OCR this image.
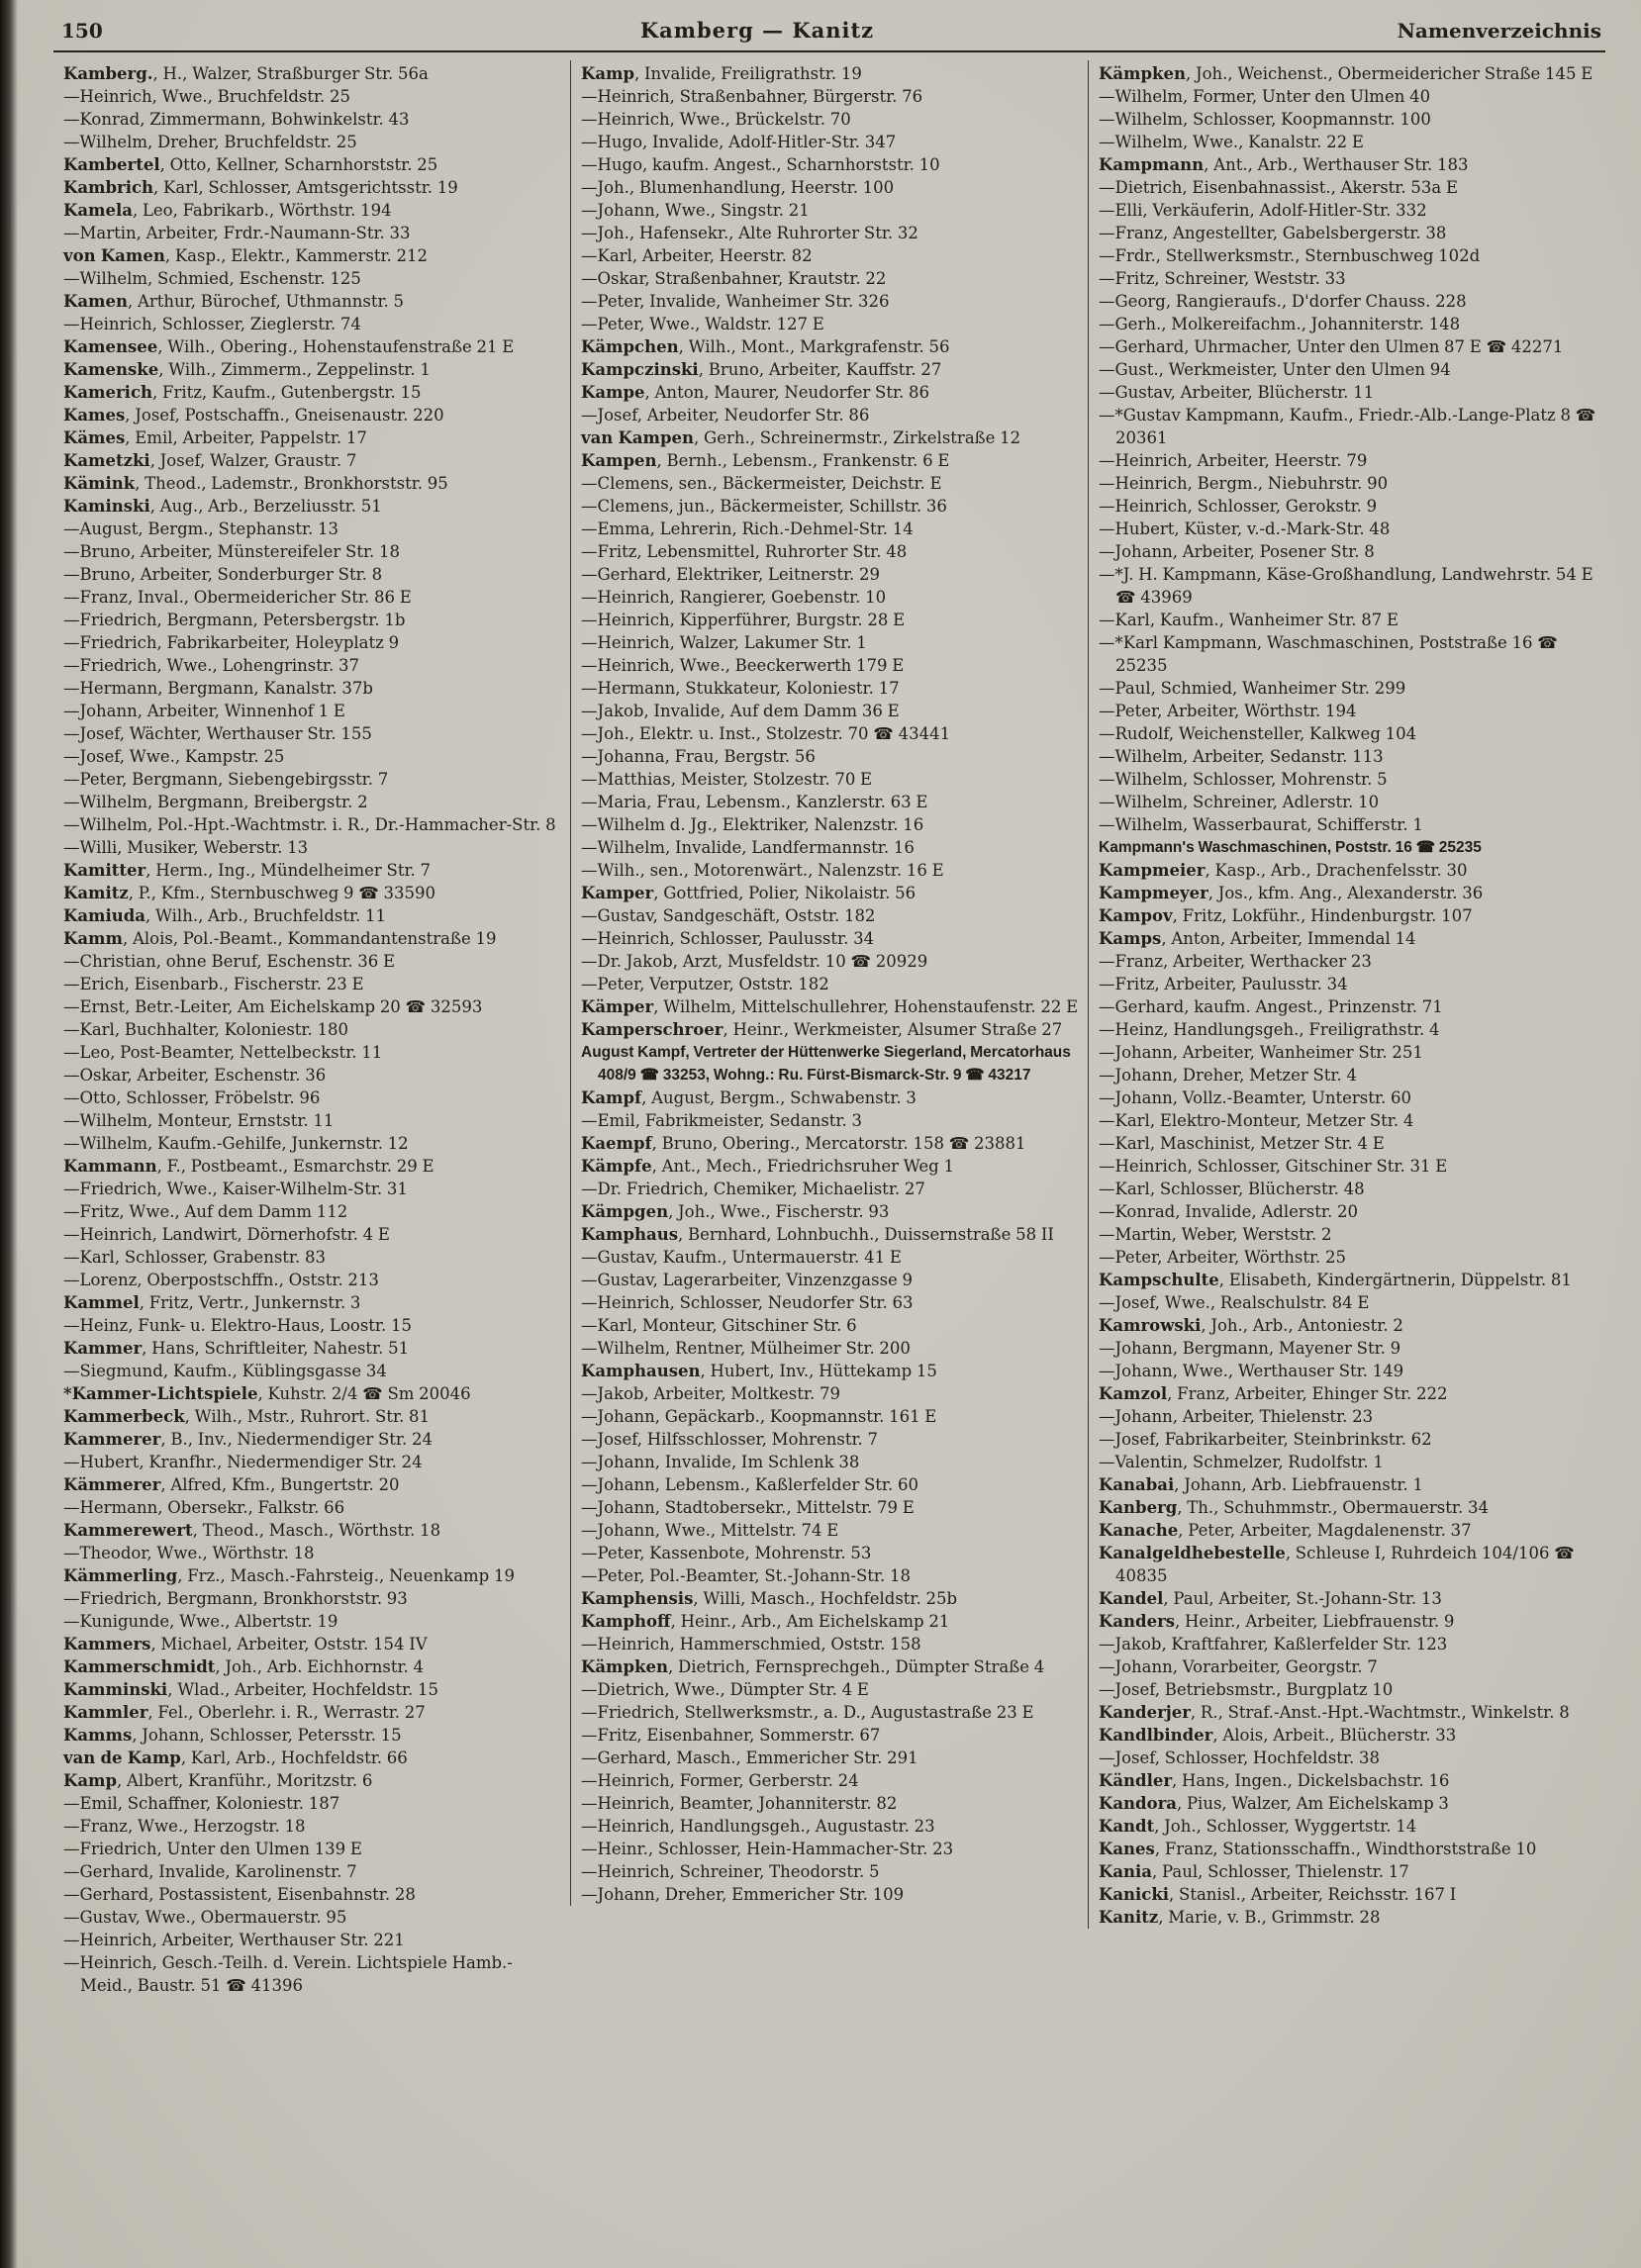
150	Kamberg — Kanitz	Namenverzeichnis
Kamberg., H., Walzer, Straßburger Str. 56a
—Heinrich, Wwe., Bruchfeldstr. 25
—Konrad, Zimmermann, Bohwinkelstr. 43
—Wilhelm, Dreher, Bruchfeldstr. 25
Kambertel, Otto, Kellner, Scharnhorststr. 25
Kambrich, Karl, Schlosser, Amtsgerichtsstr. 19
Kamela, Leo, Fabrikarb., Wörthstr. 194
—Martin, Arbeiter, Frdr.-Naumann-Str. 33
von Kamen, Kasp., Elektr., Kammerstr. 212
—Wilhelm, Schmied, Eschenstr. 125
Kamen, Arthur, Bürochef, Uthmannstr. 5
—Heinrich, Schlosser, Zieglerstr. 74
Kamensee, Wilh., Obering., Hohenstaufenstraße 21 E
Kamenske, Wilh., Zimmerm., Zeppelinstr. 1
Kamerich, Fritz, Kaufm., Gutenbergstr. 15
Kames, Josef, Postschaffn., Gneisenaustr. 220
Kämes, Emil, Arbeiter, Pappelstr. 17
Kametzki, Josef, Walzer, Graustr. 7
Kämink, Theod., Lademstr., Bronkhorststr. 95
Kaminski, Aug., Arb., Berzeliusstr. 51
—August, Bergm., Stephanstr. 13
—Bruno, Arbeiter, Münstereifeler Str. 18
—Bruno, Arbeiter, Sonderburger Str. 8
—Franz, Inval., Obermeidericher Str. 86 E
—Friedrich, Bergmann, Petersbergstr. 1b
—Friedrich, Fabrikarbeiter, Holeyplatz 9
—Friedrich, Wwe., Lohengrinstr. 37
—Hermann, Bergmann, Kanalstr. 37b
—Johann, Arbeiter, Winnenhof 1 E
—Josef, Wächter, Werthauser Str. 155
—Josef, Wwe., Kampstr. 25
—Peter, Bergmann, Siebengebirgsstr. 7
—Wilhelm, Bergmann, Breibergstr. 2
—Wilhelm, Pol.-Hpt.-Wachtmstr. i. R., Dr.-Hammacher-Str. 8
—Willi, Musiker, Weberstr. 13
Kamitter, Herm., Ing., Mündelheimer Str. 7
Kamitz, P., Kfm., Sternbuschweg 9 ☎ 33590
Kamiuda, Wilh., Arb., Bruchfeldstr. 11
Kamm, Alois, Pol.-Beamt., Kommandantenstraße 19
—Christian, ohne Beruf, Eschenstr. 36 E
—Erich, Eisenbarb., Fischerstr. 23 E
—Ernst, Betr.-Leiter, Am Eichelskamp 20 ☎ 32593
—Karl, Buchhalter, Koloniestr. 180
—Leo, Post-Beamter, Nettelbeckstr. 11
—Oskar, Arbeiter, Eschenstr. 36
—Otto, Schlosser, Fröbelstr. 96
—Wilhelm, Monteur, Ernststr. 11
—Wilhelm, Kaufm.-Gehilfe, Junkernstr. 12
Kammann, F., Postbeamt., Esmarchstr. 29 E
—Friedrich, Wwe., Kaiser-Wilhelm-Str. 31
—Fritz, Wwe., Auf dem Damm 112
—Heinrich, Landwirt, Dörnerhofstr. 4 E
—Karl, Schlosser, Grabenstr. 83
—Lorenz, Oberpostschffn., Oststr. 213
Kammel, Fritz, Vertr., Junkernstr. 3
—Heinz, Funk- u. Elektro-Haus, Loostr. 15
Kammer, Hans, Schriftleiter, Nahestr. 51
—Siegmund, Kaufm., Küblingsgasse 34
*Kammer-Lichtspiele, Kuhstr. 2/4 ☎ Sm 20046
Kammerbeck, Wilh., Mstr., Ruhrort. Str. 81
Kammerer, B., Inv., Niedermendiger Str. 24
—Hubert, Kranfhr., Niedermendiger Str. 24
Kämmerer, Alfred, Kfm., Bungertstr. 20
—Hermann, Obersekr., Falkstr. 66
Kammerewert, Theod., Masch., Wörthstr. 18
—Theodor, Wwe., Wörthstr. 18
Kämmerling, Frz., Masch.-Fahrsteig., Neuenkamp 19
—Friedrich, Bergmann, Bronkhorststr. 93
—Kunigunde, Wwe., Albertstr. 19
Kammers, Michael, Arbeiter, Oststr. 154 IV
Kammerschmidt, Joh., Arb. Eichhornstr. 4
Kamminski, Wlad., Arbeiter, Hochfeldstr. 15
Kammler, Fel., Oberlehr. i. R., Werrastr. 27
Kamms, Johann, Schlosser, Petersstr. 15
van de Kamp, Karl, Arb., Hochfeldstr. 66
Kamp, Albert, Kranführ., Moritzstr. 6
—Emil, Schaffner, Koloniestr. 187
—Franz, Wwe., Herzogstr. 18
—Friedrich, Unter den Ulmen 139 E
—Gerhard, Invalide, Karolinenstr. 7
—Gerhard, Postassistent, Eisenbahnstr. 28
—Gustav, Wwe., Obermauerstr. 95
—Heinrich, Arbeiter, Werthauser Str. 221
—Heinrich, Gesch.-Teilh. d. Verein. Lichtspiele Hamb.-Meid., Baustr. 51 ☎ 41396
Kamp, Invalide, Freiligrathstr. 19
—Heinrich, Straßenbahner, Bürgerstr. 76
—Heinrich, Wwe., Brückelstr. 70
—Hugo, Invalide, Adolf-Hitler-Str. 347
—Hugo, kaufm. Angest., Scharnhorststr. 10
—Joh., Blumenhandlung, Heerstr. 100
—Johann, Wwe., Singstr. 21
—Joh., Hafensekr., Alte Ruhrorter Str. 32
—Karl, Arbeiter, Heerstr. 82
—Oskar, Straßenbahner, Krautstr. 22
—Peter, Invalide, Wanheimer Str. 326
—Peter, Wwe., Waldstr. 127 E
Kämpchen, Wilh., Mont., Markgrafenstr. 56
Kampczinski, Bruno, Arbeiter, Kauffstr. 27
Kampe, Anton, Maurer, Neudorfer Str. 86
—Josef, Arbeiter, Neudorfer Str. 86
van Kampen, Gerh., Schreinermstr., Zirkelstraße 12
Kampen, Bernh., Lebensm., Frankenstr. 6 E
—Clemens, sen., Bäckermeister, Deichstr. E
—Clemens, jun., Bäckermeister, Schillstr. 36
—Emma, Lehrerin, Rich.-Dehmel-Str. 14
—Fritz, Lebensmittel, Ruhrorter Str. 48
—Gerhard, Elektriker, Leitnerstr. 29
—Heinrich, Rangierer, Goebenstr. 10
—Heinrich, Kipperführer, Burgstr. 28 E
—Heinrich, Walzer, Lakumer Str. 1
—Heinrich, Wwe., Beeckerwerth 179 E
—Hermann, Stukkateur, Koloniestr. 17
—Jakob, Invalide, Auf dem Damm 36 E
—Joh., Elektr. u. Inst., Stolzestr. 70 ☎ 43441
—Johanna, Frau, Bergstr. 56
—Matthias, Meister, Stolzestr. 70 E
—Maria, Frau, Lebensm., Kanzlerstr. 63 E
—Wilhelm d. Jg., Elektriker, Nalenzstr. 16
—Wilhelm, Invalide, Landfermannstr. 16
—Wilh., sen., Motorenwärt., Nalenzstr. 16 E
Kamper, Gottfried, Polier, Nikolaistr. 56
—Gustav, Sandgeschäft, Oststr. 182
—Heinrich, Schlosser, Paulusstr. 34
—Dr. Jakob, Arzt, Musfeldstr. 10 ☎ 20929
—Peter, Verputzer, Oststr. 182
Kämper, Wilhelm, Mittelschullehrer, Hohenstaufenstr. 22 E
Kamperschroer, Heinr., Werkmeister, Alsumer Straße 27
August Kampf, Vertreter der Hüttenwerke Siegerland, Mercatorhaus 408/9 ☎ 33253, Wohng.: Ru. Fürst-Bismarck-Str. 9 ☎ 43217
Kampf, August, Bergm., Schwabenstr. 3
—Emil, Fabrikmeister, Sedanstr. 3
Kaempf, Bruno, Obering., Mercatorstr. 158 ☎ 23881
Kämpfe, Ant., Mech., Friedrichsruher Weg 1
—Dr. Friedrich, Chemiker, Michaelistr. 27
Kämpgen, Joh., Wwe., Fischerstr. 93
Kamphaus, Bernhard, Lohnbuchh., Duissernstraße 58 II
—Gustav, Kaufm., Untermauerstr. 41 E
—Gustav, Lagerarbeiter, Vinzenzgasse 9
—Heinrich, Schlosser, Neudorfer Str. 63
—Karl, Monteur, Gitschiner Str. 6
—Wilhelm, Rentner, Mülheimer Str. 200
Kamphausen, Hubert, Inv., Hüttekamp 15
—Jakob, Arbeiter, Moltkestr. 79
—Johann, Gepäckarb., Koopmannstr. 161 E
—Josef, Hilfsschlosser, Mohrenstr. 7
—Johann, Invalide, Im Schlenk 38
—Johann, Lebensm., Kaßlerfelder Str. 60
—Johann, Stadtobersekr., Mittelstr. 79 E
—Johann, Wwe., Mittelstr. 74 E
—Peter, Kassenbote, Mohrenstr. 53
—Peter, Pol.-Beamter, St.-Johann-Str. 18
Kamphensis, Willi, Masch., Hochfeldstr. 25b
Kamphoff, Heinr., Arb., Am Eichelskamp 21
—Heinrich, Hammerschmied, Oststr. 158
Kämpken, Dietrich, Fernsprechgeh., Dümpter Straße 4
—Dietrich, Wwe., Dümpter Str. 4 E
—Friedrich, Stellwerksmstr., a. D., Augustastraße 23 E
—Fritz, Eisenbahner, Sommerstr. 67
—Gerhard, Masch., Emmericher Str. 291
—Heinrich, Former, Gerberstr. 24
—Heinrich, Beamter, Johanniterstr. 82
—Heinrich, Handlungsgeh., Augustastr. 23
—Heinr., Schlosser, Hein-Hammacher-Str. 23
—Heinrich, Schreiner, Theodorstr. 5
—Johann, Dreher, Emmericher Str. 109
Kämpken, Joh., Weichenst., Obermeidericher Straße 145 E
—Wilhelm, Former, Unter den Ulmen 40
—Wilhelm, Schlosser, Koopmannstr. 100
—Wilhelm, Wwe., Kanalstr. 22 E
Kampmann, Ant., Arb., Werthauser Str. 183
—Dietrich, Eisenbahnassist., Akerstr. 53a E
—Elli, Verkäuferin, Adolf-Hitler-Str. 332
—Franz, Angestellter, Gabelsbergerstr. 38
—Frdr., Stellwerksmstr., Sternbuschweg 102d
—Fritz, Schreiner, Weststr. 33
—Georg, Rangieraufs., D'dorfer Chauss. 228
—Gerh., Molkereifachm., Johanniterstr. 148
—Gerhard, Uhrmacher, Unter den Ulmen 87 E ☎ 42271
—Gust., Werkmeister, Unter den Ulmen 94
—Gustav, Arbeiter, Blücherstr. 11
—*Gustav Kampmann, Kaufm., Friedr.-Alb.-Lange-Platz 8 ☎ 20361
—Heinrich, Arbeiter, Heerstr. 79
—Heinrich, Bergm., Niebuhrstr. 90
—Heinrich, Schlosser, Gerokstr. 9
—Hubert, Küster, v.-d.-Mark-Str. 48
—Johann, Arbeiter, Posener Str. 8
—*J. H. Kampmann, Käse-Großhandlung, Landwehrstr. 54 E ☎ 43969
—Karl, Kaufm., Wanheimer Str. 87 E
—*Karl Kampmann, Waschmaschinen, Poststraße 16 ☎ 25235
—Paul, Schmied, Wanheimer Str. 299
—Peter, Arbeiter, Wörthstr. 194
—Rudolf, Weichensteller, Kalkweg 104
—Wilhelm, Arbeiter, Sedanstr. 113
—Wilhelm, Schlosser, Mohrenstr. 5
—Wilhelm, Schreiner, Adlerstr. 10
—Wilhelm, Wasserbaurat, Schifferstr. 1
Kampmann's Waschmaschinen, Poststr. 16 ☎ 25235
Kampmeier, Kasp., Arb., Drachenfelsstr. 30
Kampmeyer, Jos., kfm. Ang., Alexanderstr. 36
Kampov, Fritz, Lokführ., Hindenburgstr. 107
Kamps, Anton, Arbeiter, Immendal 14
—Franz, Arbeiter, Werthacker 23
—Fritz, Arbeiter, Paulusstr. 34
—Gerhard, kaufm. Angest., Prinzenstr. 71
—Heinz, Handlungsgeh., Freiligrathstr. 4
—Johann, Arbeiter, Wanheimer Str. 251
—Johann, Dreher, Metzer Str. 4
—Johann, Vollz.-Beamter, Unterstr. 60
—Karl, Elektro-Monteur, Metzer Str. 4
—Karl, Maschinist, Metzer Str. 4 E
—Heinrich, Schlosser, Gitschiner Str. 31 E
—Karl, Schlosser, Blücherstr. 48
—Konrad, Invalide, Adlerstr. 20
—Martin, Weber, Werststr. 2
—Peter, Arbeiter, Wörthstr. 25
Kampschulte, Elisabeth, Kindergärtnerin, Düppelstr. 81
—Josef, Wwe., Realschulstr. 84 E
Kamrowski, Joh., Arb., Antoniestr. 2
—Johann, Bergmann, Mayener Str. 9
—Johann, Wwe., Werthauser Str. 149
Kamzol, Franz, Arbeiter, Ehinger Str. 222
—Johann, Arbeiter, Thielenstr. 23
—Josef, Fabrikarbeiter, Steinbrinkstr. 62
—Valentin, Schmelzer, Rudolfstr. 1
Kanabai, Johann, Arb. Liebfrauenstr. 1
Kanberg, Th., Schuhmmstr., Obermauerstr. 34
Kanache, Peter, Arbeiter, Magdalenenstr. 37
Kanalgeldhebestelle, Schleuse I, Ruhrdeich 104/106 ☎ 40835
Kandel, Paul, Arbeiter, St.-Johann-Str. 13
Kanders, Heinr., Arbeiter, Liebfrauenstr. 9
—Jakob, Kraftfahrer, Kaßlerfelder Str. 123
—Johann, Vorarbeiter, Georgstr. 7
—Josef, Betriebsmstr., Burgplatz 10
Kanderjer, R., Straf.-Anst.-Hpt.-Wachtmstr., Winkelstr. 8
Kandlbinder, Alois, Arbeit., Blücherstr. 33
—Josef, Schlosser, Hochfeldstr. 38
Kändler, Hans, Ingen., Dickelsbachstr. 16
Kandora, Pius, Walzer, Am Eichelskamp 3
Kandt, Joh., Schlosser, Wyggertstr. 14
Kanes, Franz, Stationsschaffn., Windthorststraße 10
Kania, Paul, Schlosser, Thielenstr. 17
Kanicki, Stanisl., Arbeiter, Reichsstr. 167 I
Kanitz, Marie, v. B., Grimmstr. 28
